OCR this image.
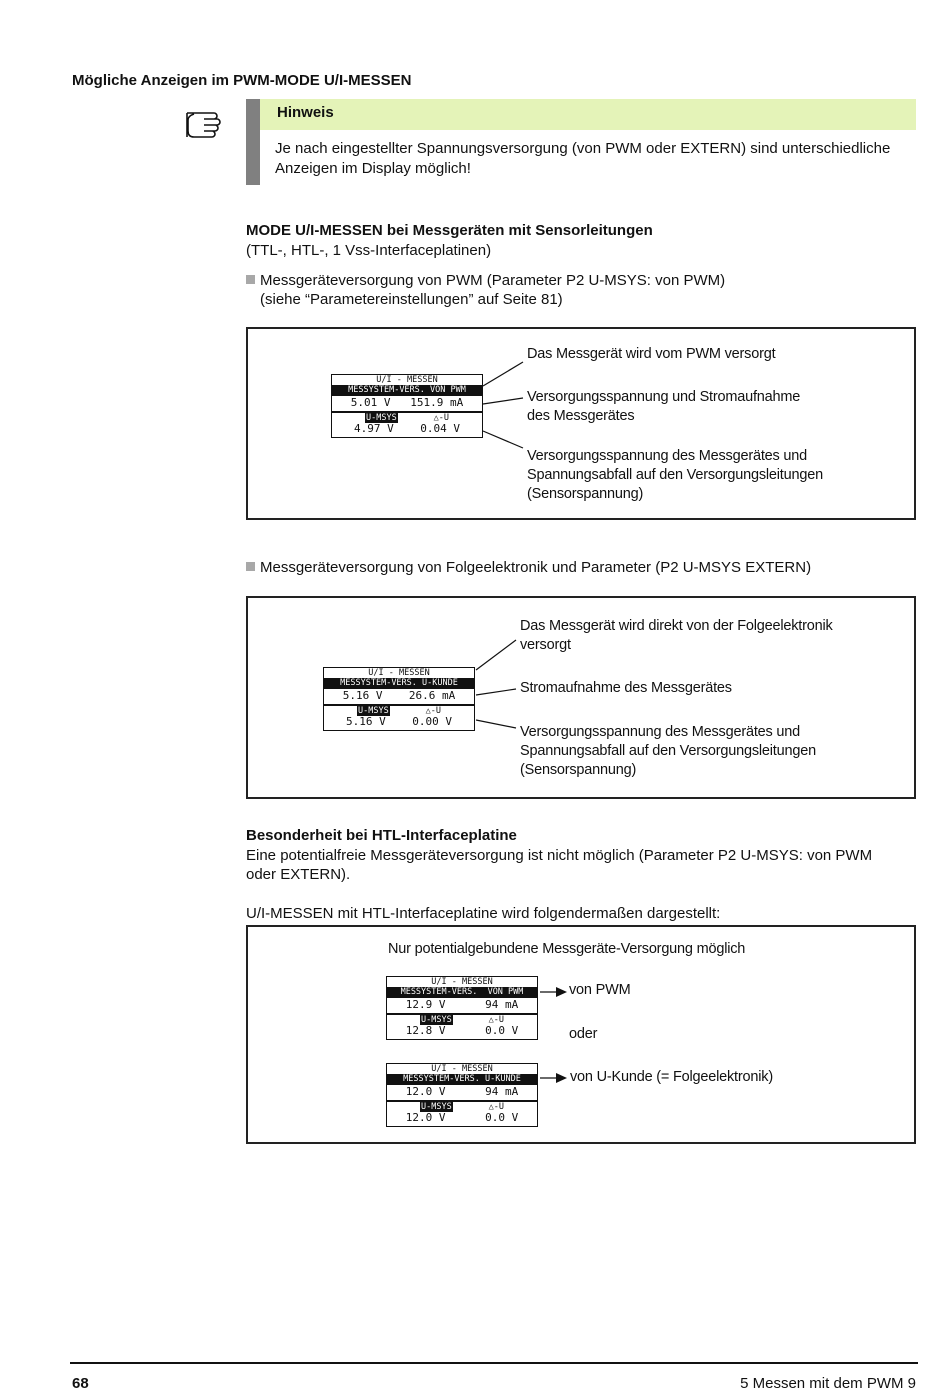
Mögliche Anzeigen im PWM-MODE U/I-MESSEN
Hinweis
Je nach eingestellter Spannungsversorgung (von PWM oder EXTERN) sind unterschiedliche Anzeigen im Display möglich!
MODE U/I-MESSEN bei Messgeräten mit Sensorleitungen
(TTL-, HTL-, 1 Vss-Interfaceplatinen)
Messgeräteversorgung von PWM (Parameter P2 U-MSYS: von PWM)
(siehe “Parametereinstellungen” auf Seite 81)
U/I - MESSEN
MESSYSTEM-VERS. VON PWM
5.01 V   151.9 mA
U-MSYS	△-U
4.97 V    0.04 V
Das Messgerät wird vom PWM versorgt
Versorgungsspannung und Stromaufnahme
des Messgerätes
Versorgungsspannung des Messgerätes und
Spannungsabfall auf den Versorgungsleitungen
(Sensorspannung)
Messgeräteversorgung von Folgeelektronik und Parameter (P2 U-MSYS EXTERN)
U/I - MESSEN
MESSYSTEM-VERS. U-KUNDE
5.16 V    26.6 mA
U-MSYS	△-U
5.16 V    0.00 V
Das Messgerät wird direkt von der Folgeelektronik
versorgt
Stromaufnahme des Messgerätes
Versorgungsspannung des Messgerätes und
Spannungsabfall auf den Versorgungsleitungen
(Sensorspannung)
Besonderheit bei HTL-Interfaceplatine
Eine potentialfreie Messgeräteversorgung ist nicht möglich (Parameter P2 U-MSYS: von PWM
oder EXTERN).
U/I-MESSEN mit HTL-Interfaceplatine wird folgendermaßen dargestellt:
Nur potentialgebundene Messgeräte-Versorgung möglich
U/I - MESSEN
MESSYSTEM-VERS.  VON PWM
12.9 V      94 mA
U-MSYS	△-U
12.8 V      0.0 V
von PWM
oder
U/I - MESSEN
MESSYSTEM-VERS. U-KUNDE
12.0 V      94 mA
U-MSYS	△-U
12.0 V      0.0 V
von U-Kunde (= Folgeelektronik)
68	5 Messen mit dem PWM 9
